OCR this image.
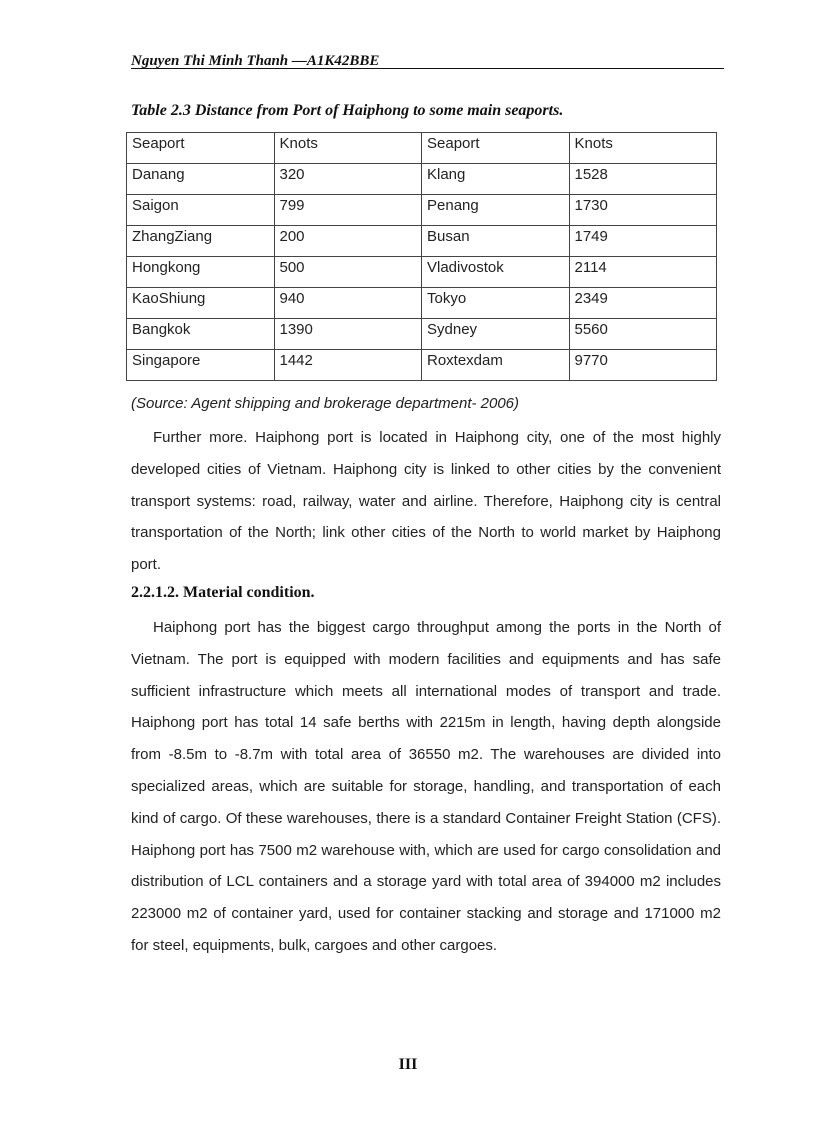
Nguyen Thi Minh Thanh —A1K42BBE
Table 2.3 Distance from Port of Haiphong to some main seaports.
Seaport	Knots	Seaport	Knots
Danang	320	Klang	1528
Saigon	799	Penang	1730
ZhangZiang	200	Busan	1749
Hongkong	500	Vladivostok	2114
KaoShiung	940	Tokyo	2349
Bangkok	1390	Sydney	5560
Singapore	1442	Roxtexdam	9770
(Source: Agent shipping and brokerage department- 2006)

Further more. Haiphong port is located in Haiphong city, one of the most highly developed cities of Vietnam. Haiphong city is linked to other cities by the convenient transport systems: road, railway, water and airline. Therefore, Haiphong city is central transportation of the North; link other cities of the North to world market by Haiphong port.

2.2.1.2. Material condition.

Haiphong port has the biggest cargo throughput among the ports in the North of Vietnam. The port is equipped with modern facilities and equipments and has safe sufficient infrastructure which meets all international modes of transport and trade. Haiphong port has total 14 safe berths with 2215m in length, having depth alongside from -8.5m to -8.7m with total area of 36550 m2. The warehouses are divided into specialized areas, which are suitable for storage, handling, and transportation of each kind of cargo. Of these warehouses, there is a standard Container Freight Station (CFS). Haiphong port has 7500 m2 warehouse with, which are used for cargo consolidation and distribution of LCL containers and a storage yard with total area of 394000 m2 includes 223000 m2 of container yard, used for container stacking and storage and 171000 m2 for steel, equipments, bulk, cargoes and other cargoes.

III
